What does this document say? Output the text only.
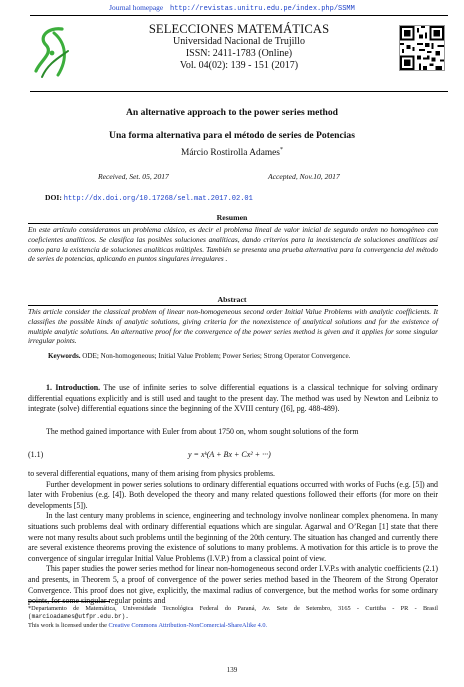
Journal homepage http://revistas.unitru.edu.pe/index.php/SSMM
SELECCIONES MATEMÁTICAS
Universidad Nacional de Trujillo
ISSN: 2411-1783 (Online)
Vol. 04(02): 139 - 151 (2017)
An alternative approach to the power series method
Una forma alternativa para el método de series de Potencias
Márcio Rostirolla Adames*
Received, Set. 05, 2017	Accepted, Nov.10, 2017
DOI: http://dx.doi.org/10.17268/sel.mat.2017.02.01
Resumen
En este artículo consideramos un problema clásico, es decir el problema lineal de valor inicial de segundo orden no homogéneo con coeficientes analíticos. Se clasifica las posibles soluciones analíticas, dando criterios para la inexistencia de soluciones analíticas así como para la existencia de soluciones analíticas múltiples. También se presenta una prueba alternativa para la convergencia del método de series de potencias, aplicando en puntos singulares irregulares .
Abstract
This article consider the classical problem of linear non-homogeneous second order Initial Value Problems with analytic coefficients. It classifies the possible kinds of analytic solutions, giving criteria for the nonexistence of analytical solutions and for the existence of multiple analytic solutions. An alternative proof for the convergence of the power series method is given and it applies for some singular irregular points.
Keywords. ODE; Non-homogeneous; Initial Value Problem; Power Series; Strong Operator Convergence.

1. Introduction. The use of infinite series to solve differential equations is a classical technique for solving ordinary differential equations explicitly and is still used and taught to the present day. The method was used by Newton and Leibniz to integrate (solve) differential equations since the beginning of the XVIII century ([6], pg. 488-489).

The method gained importance with Euler from about 1750 on, whom sought solutions of the form

(1.1)	y = xᵏ(A + Bx + Cx² + ···)

to several differential equations, many of them arising from physics problems.

Further development in power series solutions to ordinary differential equations occurred with works of Fuchs (e.g. [5]) and later with Frobenius (e.g. [4]). Both developed the theory and many related questions followed their efforts (for more on their developments [5]).

In the last century many problems in science, engineering and technology involve nonlinear complex phenomena. In many situations such problems deal with ordinary differential equations which are singular. Agarwal and O’Regan [1] state that there were not many results about such problems until the beginning of the 20th century. The situation has changed and currently there are several existence theorems proving the existence of solutions to many problems. A motivation for this article is to prove the convergence of singular irregular Initial Value Problems (I.V.P.) from a classical point of view.

This paper studies the power series method for linear non-homogeneous second order I.V.P.s with analytic coefficients (2.1) and presents, in Theorem 5, a proof of convergence of the power series method based in the Theorem of the Strong Operator Convergence. This proof does not give, explicitly, the maximal radius of convergence, but the method works for some ordinary points, for some singular regular points and

*Departamento de Matemática, Universidade Tecnológica Federal do Paraná, Av. Sete de Setembro, 3165 - Curitiba - PR - Brasil (marcioadames@utfpr.edu.br).
This work is licensed under the Creative Commons Attribution-NonComercial-ShareAlike 4.0.
139
